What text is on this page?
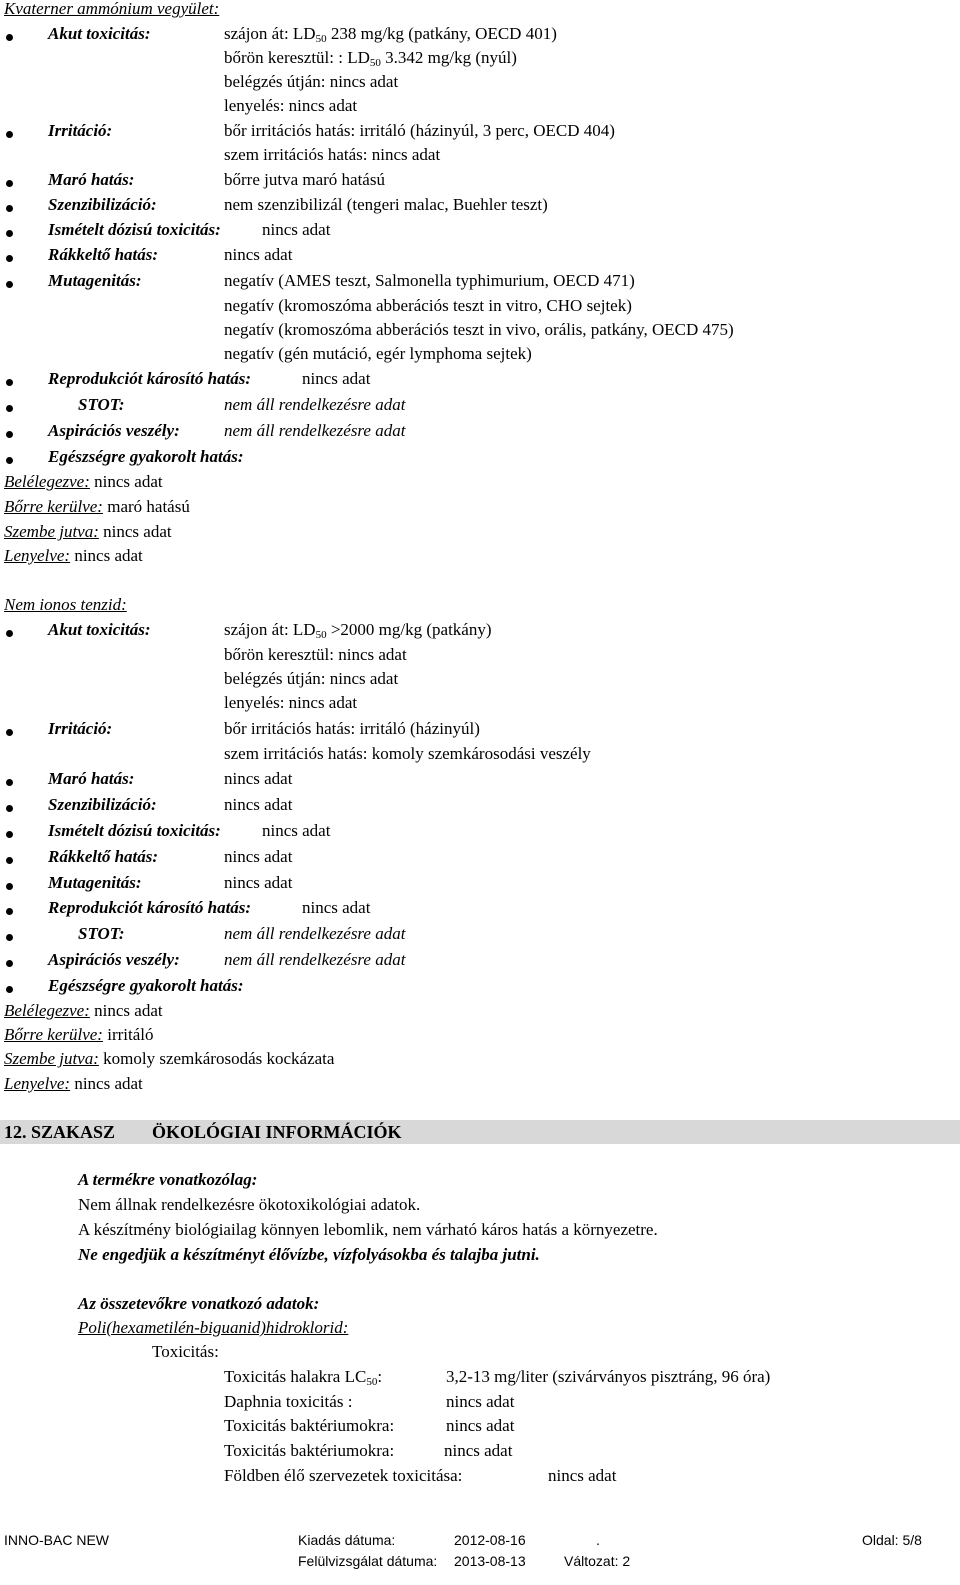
Kvaterner ammónium vegyület:
Akut toxicitás:	szájon át: $LD_{50}$ 238 mg/kg (patkány, OECD 401)
bőrön keresztül: : $LD_{50}$ 3.342 mg/kg (nyúl)
belégzés útján: nincs adat
lenyelés: nincs adat
Irritáció:	bőr irritációs hatás: irritáló (házinyúl, 3 perc, OECD 404)
szem irritációs hatás: nincs adat
Maró hatás:	bőrre jutva maró hatású
Szenzibilizáció:	nem szenzibilizál (tengeri malac, Buehler teszt)
Ismételt dózisú toxicitás: nincs adat
Rákkeltő hatás:	nincs adat
Mutagenitás:	negatív (AMES teszt, Salmonella typhimurium, OECD 471)
negatív (kromoszóma abberációs teszt in vitro, CHO sejtek)
negatív (kromoszóma abberációs teszt in vivo, orális, patkány, OECD 475)
negatív (gén mutáció, egér lymphoma sejtek)
Reprodukciót károsító hatás:	nincs adat
STOT:	nem áll rendelkezésre adat
Aspirációs veszély:	nem áll rendelkezésre adat
Egészségre gyakorolt hatás:
Belélegezve: nincs adat
Bőrre kerülve: maró hatású
Szembe jutva: nincs adat
Lenyelve: nincs adat
Nem ionos tenzid:
Akut toxicitás:	szájon át: $LD_{50} >2000$ mg/kg (patkány)
bőrön keresztül: nincs adat
belégzés útján: nincs adat
lenyelés: nincs adat
Irritáció:	bőr irritációs hatás: irritáló (házinyúl)
szem irritációs hatás: komoly szemkárosodási veszély
Maró hatás:	nincs adat
Szenzibilizáció:	nincs adat
Ismételt dózisú toxicitás: nincs adat
Rákkeltő hatás:	nincs adat
Mutagenitás:	nincs adat
Reprodukciót károsító hatás:	nincs adat
STOT:	nem áll rendelkezésre adat
Aspirációs veszély:	nem áll rendelkezésre adat
Egészségre gyakorolt hatás:
Belélegezve: nincs adat
Bőrre kerülve: irritáló
Szembe jutva: komoly szemkárosodás kockázata
Lenyelve: nincs adat
12. SZAKASZ ÖKOLÓGIAI INFORMÁCIÓK
A termékre vonatkozólag:
Nem állnak rendelkezésre ökotoxikológiai adatok.
A készítmény biológiailag könnyen lebomlik, nem várható káros hatás a környezetre.
Ne engedjük a készítményt élővízbe, vízfolyásokba és talajba jutni.
Az összetevőkre vonatkozó adatok:
Poli(hexametilén-biguanid)hidroklorid:
Toxicitás:
Toxicitás halakra $LC_{50}$:	3,2-13 mg/liter (szivárványos pisztráng, 96 óra)
Daphnia toxicitás :	nincs adat
Toxicitás baktériumokra:	nincs adat
Toxicitás baktériumokra:	nincs adat
Földben élő szervezetek toxicitása:	nincs adat
INNO-BAC NEW	Kiadás dátuma:	2012-08-16	.	Oldal: 5/8
Felülvizsgálat dátuma: 2013-08-13	Változat: 2
